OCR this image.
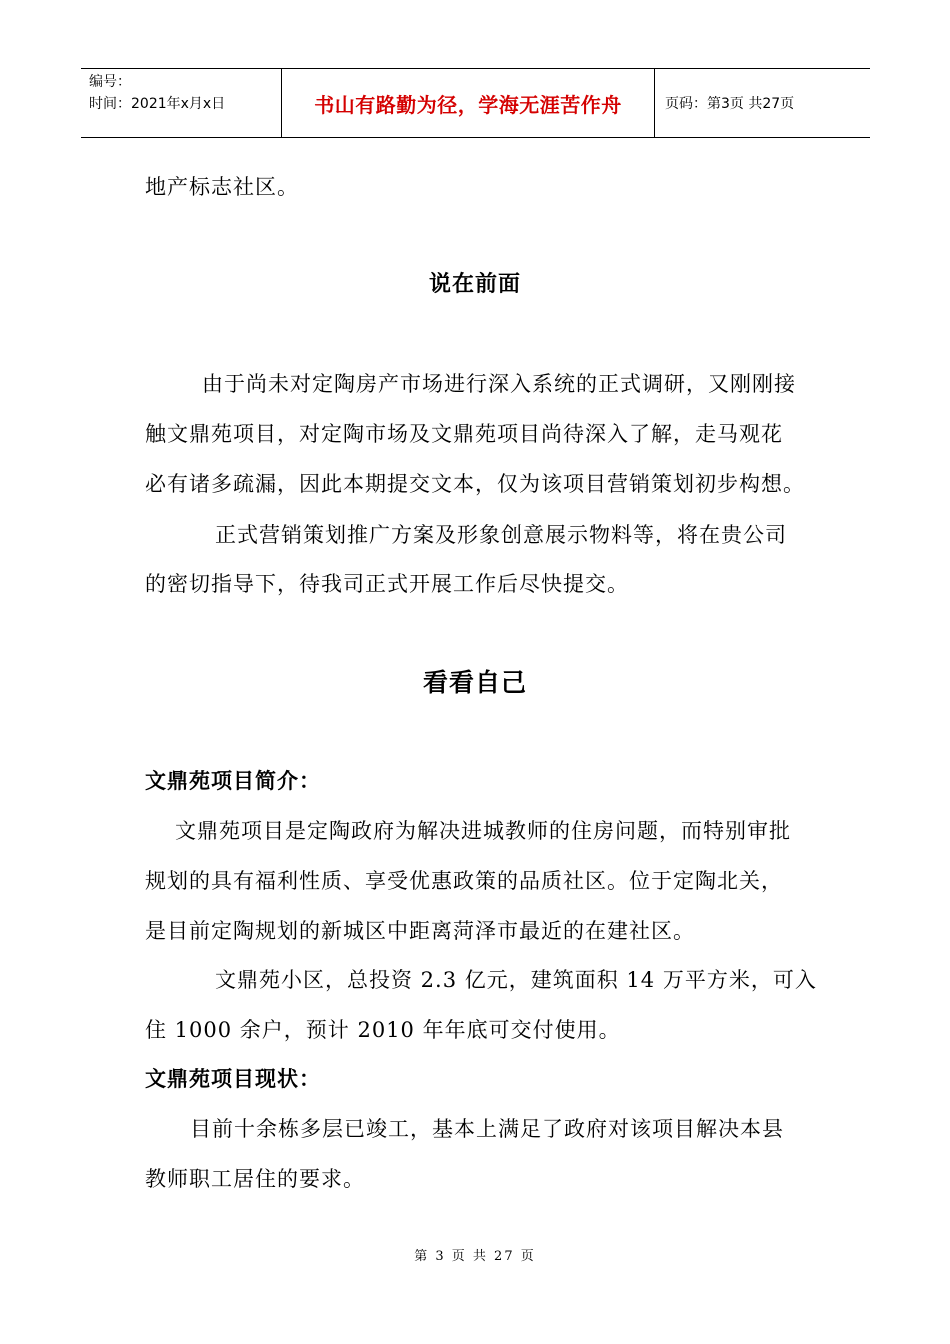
编号：
时间：2021年x月x日	书山有路勤为径，学海无涯苦作舟	页码：第3页 共27页
地产标志社区。
说在前面
由于尚未对定陶房产市场进行深入系统的正式调研，又刚刚接
触文鼎苑项目，对定陶市场及文鼎苑项目尚待深入了解，走马观花
必有诸多疏漏，因此本期提交文本，仅为该项目营销策划初步构想。
正式营销策划推广方案及形象创意展示物料等，将在贵公司
的密切指导下，待我司正式开展工作后尽快提交。
看看自己
文鼎苑项目简介：
文鼎苑项目是定陶政府为解决进城教师的住房问题，而特别审批
规划的具有福利性质、享受优惠政策的品质社区。位于定陶北关，
是目前定陶规划的新城区中距离菏泽市最近的在建社区。
文鼎苑小区，总投资 2.3 亿元，建筑面积 14 万平方米，可入
住 1000 余户，预计 2010 年年底可交付使用。
文鼎苑项目现状：
目前十余栋多层已竣工，基本上满足了政府对该项目解决本县
教师职工居住的要求。
第 3 页 共 27 页
